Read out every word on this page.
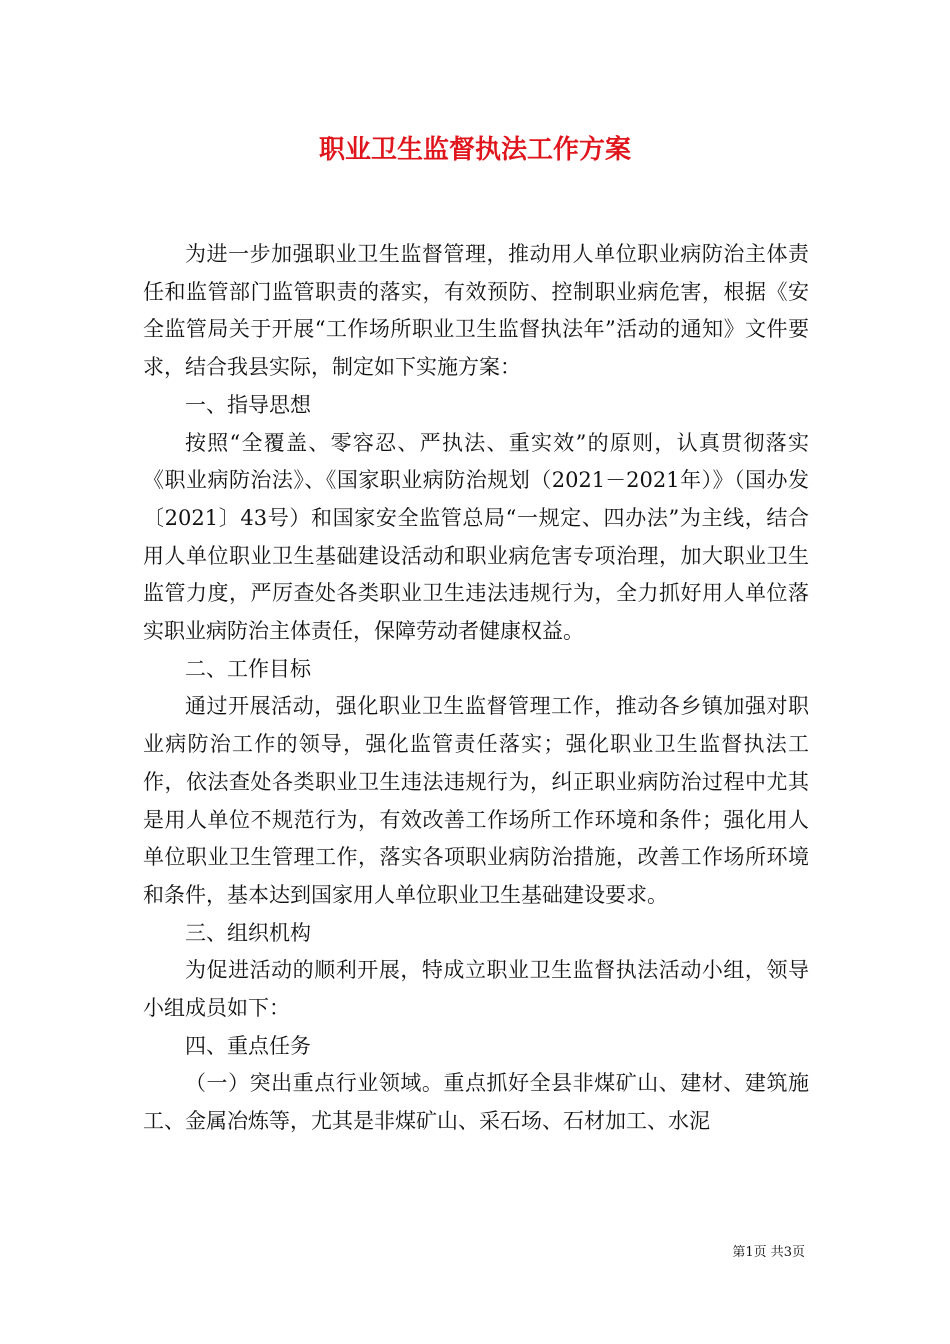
职业卫生监督执法工作方案

为进一步加强职业卫生监督管理，推动用人单位职业病防治主体责任和监管部门监管职责的落实，有效预防、控制职业病危害，根据《安全监管局关于开展“工作场所职业卫生监督执法年”活动的通知》文件要求，结合我县实际，制定如下实施方案：

一、指导思想

按照“全覆盖、零容忍、严执法、重实效”的原则，认真贯彻落实《职业病防治法》、《国家职业病防治规划（2021－2021年）》（国办发〔2021〕43号）和国家安全监管总局“一规定、四办法”为主线，结合用人单位职业卫生基础建设活动和职业病危害专项治理，加大职业卫生监管力度，严厉查处各类职业卫生违法违规行为，全力抓好用人单位落实职业病防治主体责任，保障劳动者健康权益。

二、工作目标

通过开展活动，强化职业卫生监督管理工作，推动各乡镇加强对职业病防治工作的领导，强化监管责任落实；强化职业卫生监督执法工作，依法查处各类职业卫生违法违规行为，纠正职业病防治过程中尤其是用人单位不规范行为，有效改善工作场所工作环境和条件；强化用人单位职业卫生管理工作，落实各项职业病防治措施，改善工作场所环境和条件，基本达到国家用人单位职业卫生基础建设要求。

三、组织机构

为促进活动的顺利开展，特成立职业卫生监督执法活动小组，领导小组成员如下：

四、重点任务

（一）突出重点行业领域。重点抓好全县非煤矿山、建材、建筑施工、金属冶炼等，尤其是非煤矿山、采石场、石材加工、水泥

第1页 共3页
